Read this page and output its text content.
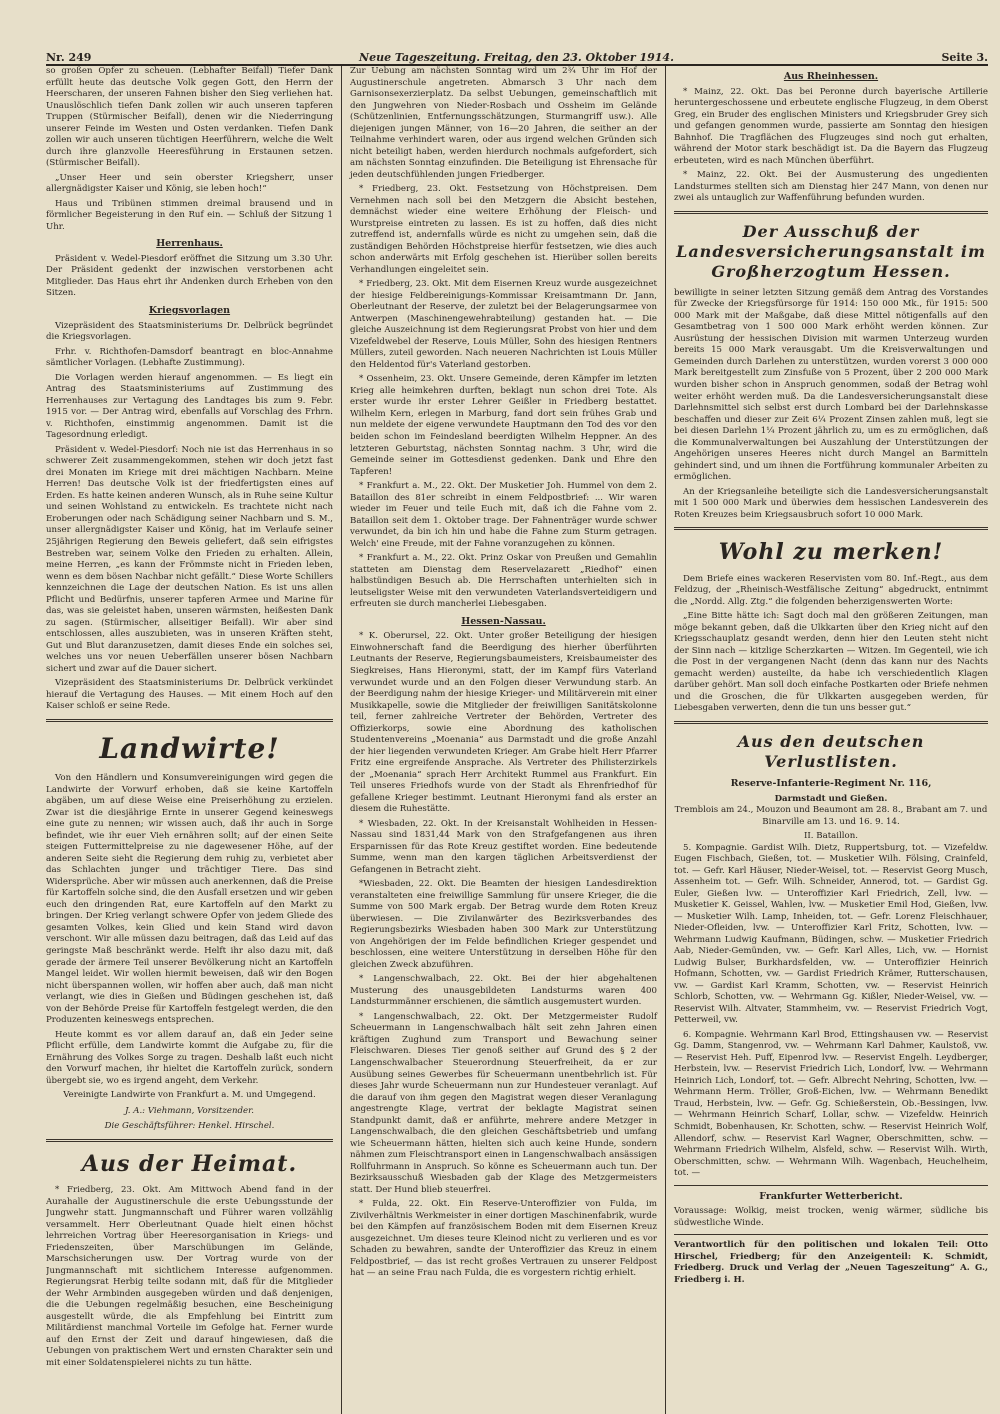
Nr. 249	Neue Tageszeitung. Freitag, den 23. Oktober 1914.	Seite 3.

so großen Opfer zu scheuen. (Lebhafter Beifall) Tiefer Dank erfüllt heute das deutsche Volk gegen Gott, den Herrn der Heerscharen, der unseren Fahnen bisher den Sieg verliehen hat. Unauslöschlich tiefen Dank zollen wir auch unseren tapferen Truppen (Stürmischer Beifall), denen wir die Niederringung unserer Feinde im Westen und Osten verdanken. Tiefen Dank zollen wir auch unseren tüchtigen Heerführern, welche die Welt durch ihre glanzvolle Heeresführung in Erstaunen setzen. (Stürmischer Beifall).

„Unser Heer und sein oberster Kriegsherr, unser allergnädigster Kaiser und König, sie leben hoch!“

Haus und Tribünen stimmen dreimal brausend und in förmlicher Begeisterung in den Ruf ein. — Schluß der Sitzung 1 Uhr.

Herrenhaus.

Präsident v. Wedel-Piesdorf eröffnet die Sitzung um 3.30 Uhr. Der Präsident gedenkt der inzwischen verstorbenen acht Mitglieder. Das Haus ehrt ihr Andenken durch Erheben von den Sitzen.

Kriegsvorlagen

Vizepräsident des Staatsministeriums Dr. Delbrück begründet die Kriegsvorlagen.

Frhr. v. Richthofen-Damsdorf beantragt en bloc-Annahme sämtlicher Vorlagen. (Lebhafte Zustimmung).

Die Vorlagen werden hierauf angenommen. — Es liegt ein Antrag des Staatsministeriums auf Zustimmung des Herrenhauses zur Vertagung des Landtages bis zum 9. Febr. 1915 vor. — Der Antrag wird, ebenfalls auf Vorschlag des Frhrn. v. Richthofen, einstimmig angenommen. Damit ist die Tagesordnung erledigt.

Präsident v. Wedel-Piesdorf: Noch nie ist das Herrenhaus in so schwerer Zeit zusammengekommen, stehen wir doch jetzt fast drei Monaten im Kriege mit drei mächtigen Nachbarn. Meine Herren! Das deutsche Volk ist der friedfertigsten eines auf Erden. Es hatte keinen anderen Wunsch, als in Ruhe seine Kultur und seinen Wohlstand zu entwickeln. Es trachtete nicht nach Eroberungen oder nach Schädigung seiner Nachbarn und S. M., unser allergnädigster Kaiser und König, hat im Verlaufe seiner 25jährigen Regierung den Beweis geliefert, daß sein eifrigstes Bestreben war, seinem Volke den Frieden zu erhalten. Allein, meine Herren, „es kann der Frömmste nicht in Frieden leben, wenn es dem bösen Nachbar nicht gefällt.“ Diese Worte Schillers kennzeichnen die Lage der deutschen Nation. Es ist uns allen Pflicht und Bedürfnis, unserer tapferen Armee und Marine für das, was sie geleistet haben, unseren wärmsten, heißesten Dank zu sagen. (Stürmischer, allseitiger Beifall). Wir aber sind entschlossen, alles auszubieten, was in unseren Kräften steht, Gut und Blut daranzusetzen, damit dieses Ende ein solches sei, welches uns vor neuen Ueberfällen unserer bösen Nachbarn sichert und zwar auf die Dauer sichert.

Vizepräsident des Staatsministeriums Dr. Delbrück verkündet hierauf die Vertagung des Hauses. — Mit einem Hoch auf den Kaiser schloß er seine Rede.

Landwirte!

Von den Händlern und Konsumvereinigungen wird gegen die Landwirte der Vorwurf erhoben, daß sie keine Kartoffeln abgäben, um auf diese Weise eine Preiserhöhung zu erzielen. Zwar ist die diesjährige Ernte in unserer Gegend keineswegs eine gute zu nennen; wir wissen auch, daß ihr auch in Sorge befindet, wie ihr euer Vieh ernähren sollt; auf der einen Seite steigen Futtermittelpreise zu nie dagewesener Höhe, auf der anderen Seite sieht die Regierung dem ruhig zu, verbietet aber das Schlachten junger und trächtiger Tiere. Das sind Widersprüche. Aber wir müssen auch anerkennen, daß die Preise für Kartoffeln solche sind, die den Ausfall ersetzen und wir geben euch den dringenden Rat, eure Kartoffeln auf den Markt zu bringen. Der Krieg verlangt schwere Opfer von jedem Gliede des gesamten Volkes, kein Glied und kein Stand wird davon verschont. Wir alle müssen dazu beitragen, daß das Leid auf das geringste Maß beschränkt werde. Helft ihr also dazu mit, daß gerade der ärmere Teil unserer Bevölkerung nicht an Kartoffeln Mangel leidet. Wir wollen hiermit beweisen, daß wir den Bogen nicht überspannen wollen, wir hoffen aber auch, daß man nicht verlangt, wie dies in Gießen und Büdingen geschehen ist, daß von der Behörde Preise für Kartoffeln festgelegt werden, die den Produzenten keineswegs entsprechen.

Heute kommt es vor allem darauf an, daß ein Jeder seine Pflicht erfülle, dem Landwirte kommt die Aufgabe zu, für die Ernährung des Volkes Sorge zu tragen. Deshalb laßt euch nicht den Vorwurf machen, ihr hieltet die Kartoffeln zurück, sondern übergebt sie, wo es irgend angeht, dem Verkehr.

Vereinigte Landwirte von Frankfurt a. M. und Umgegend.

J. A.: Viehmann, Vorsitzender.
Die Geschäftsführer: Henkel. Hirschel.
Aus der Heimat.

* Friedberg, 23. Okt. Am Mittwoch Abend fand in der Aurahalle der Augustinerschule die erste Uebungsstunde der Jungwehr statt. Jungmannschaft und Führer waren vollzählig versammelt. Herr Oberleutnant Quade hielt einen höchst lehrreichen Vortrag über Heeresorganisation in Kriegs- und Friedenszeiten, über Marschübungen im Gelände, Marschsicherungen usw. Der Vortrag wurde von der Jungmannschaft mit sichtlichem Interesse aufgenommen. Regierungsrat Herbig teilte sodann mit, daß für die Mitglieder der Wehr Armbinden ausgegeben würden und daß denjenigen, die die Uebungen regelmäßig besuchen, eine Bescheinigung ausgestellt würde, die als Empfehlung bei Eintritt zum Militärdienst manchmal Vorteile im Gefolge hat. Ferner wurde auf den Ernst der Zeit und darauf hingewiesen, daß die Uebungen von praktischem Wert und ernsten Charakter sein und mit einer Soldatenspielerei nichts zu tun hätte.

Zur Uebung am nächsten Sonntag wird um 2¾ Uhr im Hof der Augustinerschule angetreten. Abmarsch 3 Uhr nach dem Garnisonsexerzierplatz. Da selbst Uebungen, gemeinschaftlich mit den Jungwehren von Nieder-Rosbach und Ossheim im Gelände (Schützenlinien, Entfernungsschätzungen, Sturmangriff usw.). Alle diejenigen jungen Männer, von 16—20 Jahren, die seither an der Teilnahme verhindert waren, oder aus irgend welchen Gründen sich nicht beteiligt haben, werden hierdurch nochmals aufgefordert, sich am nächsten Sonntag einzufinden. Die Beteiligung ist Ehrensache für jeden deutschfühlenden jungen Friedberger.

* Friedberg, 23. Okt. Festsetzung von Höchstpreisen. Dem Vernehmen nach soll bei den Metzgern die Absicht bestehen, demnächst wieder eine weitere Erhöhung der Fleisch- und Wurstpreise eintreten zu lassen. Es ist zu hoffen, daß dies nicht zutreffend ist, andernfalls würde es nicht zu umgehen sein, daß die zuständigen Behörden Höchstpreise hierfür festsetzen, wie dies auch schon anderwärts mit Erfolg geschehen ist. Hierüber sollen bereits Verhandlungen eingeleitet sein.

* Friedberg, 23. Okt. Mit dem Eisernen Kreuz wurde ausgezeichnet der hiesige Feldbereinigungs-Kommissar Kreisamtmann Dr. Jann, Oberleutnant der Reserve, der zuletzt bei der Belagerungsarmee von Antwerpen (Maschinengewehrabteilung) gestanden hat. — Die gleiche Auszeichnung ist dem Regierungsrat Probst von hier und dem Vizefeldwebel der Reserve, Louis Müller, Sohn des hiesigen Rentners Müllers, zuteil geworden. Nach neueren Nachrichten ist Louis Müller den Heldentod für's Vaterland gestorben.

* Ossenheim, 23. Okt. Unsere Gemeinde, deren Kämpfer im letzten Krieg alle heimkehren durften, beklagt nun schon drei Tote. Als erster wurde ihr erster Lehrer Geißler in Friedberg bestattet. Wilhelm Kern, erlegen in Marburg, fand dort sein frühes Grab und nun meldete der eigene verwundete Hauptmann den Tod des vor den beiden schon im Feindesland beerdigten Wilhelm Heppner. An des letzteren Geburtstag, nächsten Sonntag nachm. 3 Uhr, wird die Gemeinde seiner im Gottesdienst gedenken. Dank und Ehre den Tapferen!

* Frankfurt a. M., 22. Okt. Der Musketier Joh. Hummel von dem 2. Bataillon des 81er schreibt in einem Feldpostbrief: ... Wir waren wieder im Feuer und teile Euch mit, daß ich die Fahne vom 2. Bataillon seit dem 1. Oktober trage. Der Fahnenträger wurde schwer verwundet, da bin ich hin und habe die Fahne zum Sturm getragen. Welch' eine Freude, mit der Fahne voranzugehen zu können.

* Frankfurt a. M., 22. Okt. Prinz Oskar von Preußen und Gemahlin statteten am Dienstag dem Reservelazarett „Riedhof“ einen halbstündigen Besuch ab. Die Herrschaften unterhielten sich in leutseligster Weise mit den verwundeten Vaterlandsverteidigern und erfreuten sie durch mancherlei Liebesgaben.

Hessen-Nassau.

* K. Oberursel, 22. Okt. Unter großer Beteiligung der hiesigen Einwohnerschaft fand die Beerdigung des hierher überführten Leutnants der Reserve, Regierungsbaumeisters, Kreisbaumeister des Siegkreises, Hans Hieronymi, statt, der im Kampf fürs Vaterland verwundet wurde und an den Folgen dieser Verwundung starb. An der Beerdigung nahm der hiesige Krieger- und Militärverein mit einer Musikkapelle, sowie die Mitglieder der freiwilligen Sanitätskolonne teil, ferner zahlreiche Vertreter der Behörden, Vertreter des Offizierkorps, sowie eine Abordnung des katholischen Studentenvereins „Moenania“ aus Darmstadt und die große Anzahl der hier liegenden verwundeten Krieger. Am Grabe hielt Herr Pfarrer Fritz eine ergreifende Ansprache. Als Vertreter des Philisterzirkels der „Moenania“ sprach Herr Architekt Rummel aus Frankfurt. Ein Teil unseres Friedhofs wurde von der Stadt als Ehrenfriedhof für gefallene Krieger bestimmt. Leutnant Hieronymi fand als erster an diesem die Ruhestätte.

* Wiesbaden, 22. Okt. In der Kreisanstalt Wohlheiden in Hessen-Nassau sind 1831,44 Mark von den Strafgefangenen aus ihren Ersparnissen für das Rote Kreuz gestiftet worden. Eine bedeutende Summe, wenn man den kargen täglichen Arbeitsverdienst der Gefangenen in Betracht zieht.

*Wiesbaden, 22. Okt. Die Beamten der hiesigen Landesdirektion veranstalteten eine freiwillige Sammlung für unsere Krieger, die die Summe von 500 Mark ergab. Der Betrag wurde dem Roten Kreuz überwiesen. — Die Zivilanwärter des Bezirksverbandes des Regierungsbezirks Wiesbaden haben 300 Mark zur Unterstützung von Angehörigen der im Felde befindlichen Krieger gespendet und beschlossen, eine weitere Unterstützung in derselben Höhe für den gleichen Zweck abzuführen.

* Langenschwalbach, 22. Okt. Bei der hier abgehaltenen Musterung des unausgebildeten Landsturms waren 400 Landsturmmänner erschienen, die sämtlich ausgemustert wurden.

* Langenschwalbach, 22. Okt. Der Metzgermeister Rudolf Scheuermann in Langenschwalbach hält seit zehn Jahren einen kräftigen Zughund zum Transport und Bewachung seiner Fleischwaren. Dieses Tier genoß seither auf Grund des § 2 der Langenschwalbacher Steuerordnung Steuerfreiheit, da er zur Ausübung seines Gewerbes für Scheuermann unentbehrlich ist. Für dieses Jahr wurde Scheuermann nun zur Hundesteuer veranlagt. Auf die darauf von ihm gegen den Magistrat wegen dieser Veranlagung angestrengte Klage, vertrat der beklagte Magistrat seinen Standpunkt damit, daß er anführte, mehrere andere Metzger in Langenschwalbach, die den gleichen Geschäftsbetrieb und umfang wie Scheuermann hätten, hielten sich auch keine Hunde, sondern nähmen zum Fleischtransport einen in Langenschwalbach ansässigen Rollfuhrmann in Anspruch. So könne es Scheuermann auch tun. Der Bezirksausschuß Wiesbaden gab der Klage des Metzgermeisters statt. Der Hund blieb steuerfrei.

* Fulda, 22. Okt. Ein Reserve-Unteroffizier von Fulda, im Zivilverhältnis Werkmeister in einer dortigen Maschinenfabrik, wurde bei den Kämpfen auf französischem Boden mit dem Eisernen Kreuz ausgezeichnet. Um dieses teure Kleinod nicht zu verlieren und es vor Schaden zu bewahren, sandte der Unteroffizier das Kreuz in einem Feldpostbrief, — das ist recht großes Vertrauen zu unserer Feldpost hat — an seine Frau nach Fulda, die es vorgestern richtig erhielt.

Aus Rheinhessen.

* Mainz, 22. Okt. Das bei Peronne durch bayerische Artillerie heruntergeschossene und erbeutete englische Flugzeug, in dem Oberst Greg, ein Bruder des englischen Ministers und Kriegsbruder Grey sich und gefangen genommen wurde, passierte am Sonntag den hiesigen Bahnhof. Die Tragflächen des Flugzeuges sind noch gut erhalten, während der Motor stark beschädigt ist. Da die Bayern das Flugzeug erbeuteten, wird es nach München überführt.

* Mainz, 22. Okt. Bei der Ausmusterung des ungedienten Landsturmes stellten sich am Dienstag hier 247 Mann, von denen nur zwei als untauglich zur Waffenführung befunden wurden.

Der Ausschuß der Landesversicherungsanstalt im Großherzogtum Hessen.

bewilligte in seiner letzten Sitzung gemäß dem Antrag des Vorstandes für Zwecke der Kriegsfürsorge für 1914: 150 000 Mk., für 1915: 500 000 Mark mit der Maßgabe, daß diese Mittel nötigenfalls auf den Gesamtbetrag von 1 500 000 Mark erhöht werden können. Zur Ausrüstung der hessischen Division mit warmen Unterzeug wurden bereits 15 000 Mark verausgabt. Um die Kreisverwaltungen und Gemeinden durch Darlehen zu unterstützen, wurden vorerst 3 000 000 Mark bereitgestellt zum Zinsfuße von 5 Prozent, über 2 200 000 Mark wurden bisher schon in Anspruch genommen, sodaß der Betrag wohl weiter erhöht werden muß. Da die Landesversicherungsanstalt diese Darlehnsmittel sich selbst erst durch Lombard bei der Darlehnskasse beschaffen und dieser zur Zeit 6¼ Prozent Zinsen zahlen muß, legt sie bei diesen Darlehn 1¼ Prozent jährlich zu, um es zu ermöglichen, daß die Kommunalverwaltungen bei Auszahlung der Unterstützungen der Angehörigen unseres Heeres nicht durch Mangel an Barmitteln gehindert sind, und um ihnen die Fortführung kommunaler Arbeiten zu ermöglichen.

An der Kriegsanleihe beteiligte sich die Landesversicherungsanstalt mit 1 500 000 Mark und überwies dem hessischen Landesverein des Roten Kreuzes beim Kriegsausbruch sofort 10 000 Mark.

Wohl zu merken!

Dem Briefe eines wackeren Reservisten vom 80. Inf.-Regt., aus dem Feldzug, der „Rheinisch-Westfälische Zeitung“ abgedruckt, entnimmt die „Nordd. Allg. Ztg.“ die folgenden beherzigenswerten Worte:

„Eine Bitte hätte ich: Sagt doch mal den größeren Zeitungen, man möge bekannt geben, daß die Ulkkarten über den Krieg nicht auf den Kriegsschauplatz gesandt werden, denn hier den Leuten steht nicht der Sinn nach — kitzlige Scherzkarten — Witzen. Im Gegenteil, wie ich die Post in der vergangenen Nacht (denn das kann nur des Nachts gemacht werden) austeilte, da habe ich verschiedentlich Klagen darüber gehört. Man soll doch einfache Postkarten oder Briefe nehmen und die Groschen, die für Ulkkarten ausgegeben werden, für Liebesgaben verwerten, denn die tun uns besser gut.“

Aus den deutschen Verlustlisten.
Reserve-Infanterie-Regiment Nr. 116,
Darmstadt und Gießen.

Tremblois am 24., Mouzon und Beaumont am 28. 8., Brabant am 7. und Binarville am 13. und 16. 9. 14.

II. Bataillon.

5. Kompagnie. Gardist Wilh. Dietz, Ruppertsburg, tot. — Vizefeldw. Eugen Fischbach, Gießen, tot. — Musketier Wilh. Fölsing, Crainfeld, tot. — Gefr. Karl Häuser, Nieder-Weisel, tot. — Reservist Georg Musch, Assenheim tot. — Gefr. Wilh. Schneider, Annerod, tot. — Gardist Gg. Euler, Gießen lvw. — Unteroffizier Karl Friedrich, Zell, lvw. — Musketier K. Geissel, Wahlen, lvw. — Musketier Emil Hod, Gießen, lvw. — Musketier Wilh. Lamp, Inheiden, tot. — Gefr. Lorenz Fleischhauer, Nieder-Ofleiden, lvw. — Unteroffizier Karl Fritz, Schotten, lvw. — Wehrmann Ludwig Kaufmann, Büdingen, schw. — Musketier Friedrich Aab, Nieder-Gemünden, vw. — Gefr. Karl Alles, Lich, vw. — Hornist Ludwig Bulser, Burkhardsfelden, vw. — Unteroffizier Heinrich Hofmann, Schotten, vw. — Gardist Friedrich Krämer, Rutterschausen, vw. — Gardist Karl Kramm, Schotten, vw. — Reservist Heinrich Schlorb, Schotten, vw. — Wehrmann Gg. Kißler, Nieder-Weisel, vw. — Reservist Wilh. Altvater, Stammheim, vw. — Reservist Friedrich Vogt, Petterweil, vw.

6. Kompagnie. Wehrmann Karl Brod, Ettingshausen vw. — Reservist Gg. Damm, Stangenrod, vw. — Wehrmann Karl Dahmer, Kaulstoß, vw. — Reservist Heh. Puff, Eipenrod lvw. — Reservist Engelh. Leydberger, Herbstein, lvw. — Reservist Friedrich Lich, Londorf, lvw. — Wehrmann Heinrich Lich, Londorf, tot. — Gefr. Albrecht Nehring, Schotten, lvw. — Wehrmann Herm. Tröller, Groß-Eichen, lvw. — Wehrmann Benedikt Traud, Herbstein, lvw. — Gefr. Gg. Schießerstein, Ob.-Bessingen, lvw. — Wehrmann Heinrich Scharf, Lollar, schw. — Vizefeldw. Heinrich Schmidt, Bobenhausen, Kr. Schotten, schw. — Reservist Heinrich Wolf, Allendorf, schw. — Reservist Karl Wagner, Oberschmitten, schw. — Wehrmann Friedrich Wilhelm, Alsfeld, schw. — Reservist Wilh. Wirth, Oberschmitten, schw. — Wehrmann Wilh. Wagenbach, Heuchelheim, tot. —

Frankfurter Wetterbericht.

Voraussage: Wolkig, meist trocken, wenig wärmer, südliche bis südwestliche Winde.

Verantwortlich für den politischen und lokalen Teil: Otto Hirschel, Friedberg; für den Anzeigenteil: K. Schmidt, Friedberg. Druck und Verlag der „Neuen Tageszeitung“ A. G., Friedberg i. H.
